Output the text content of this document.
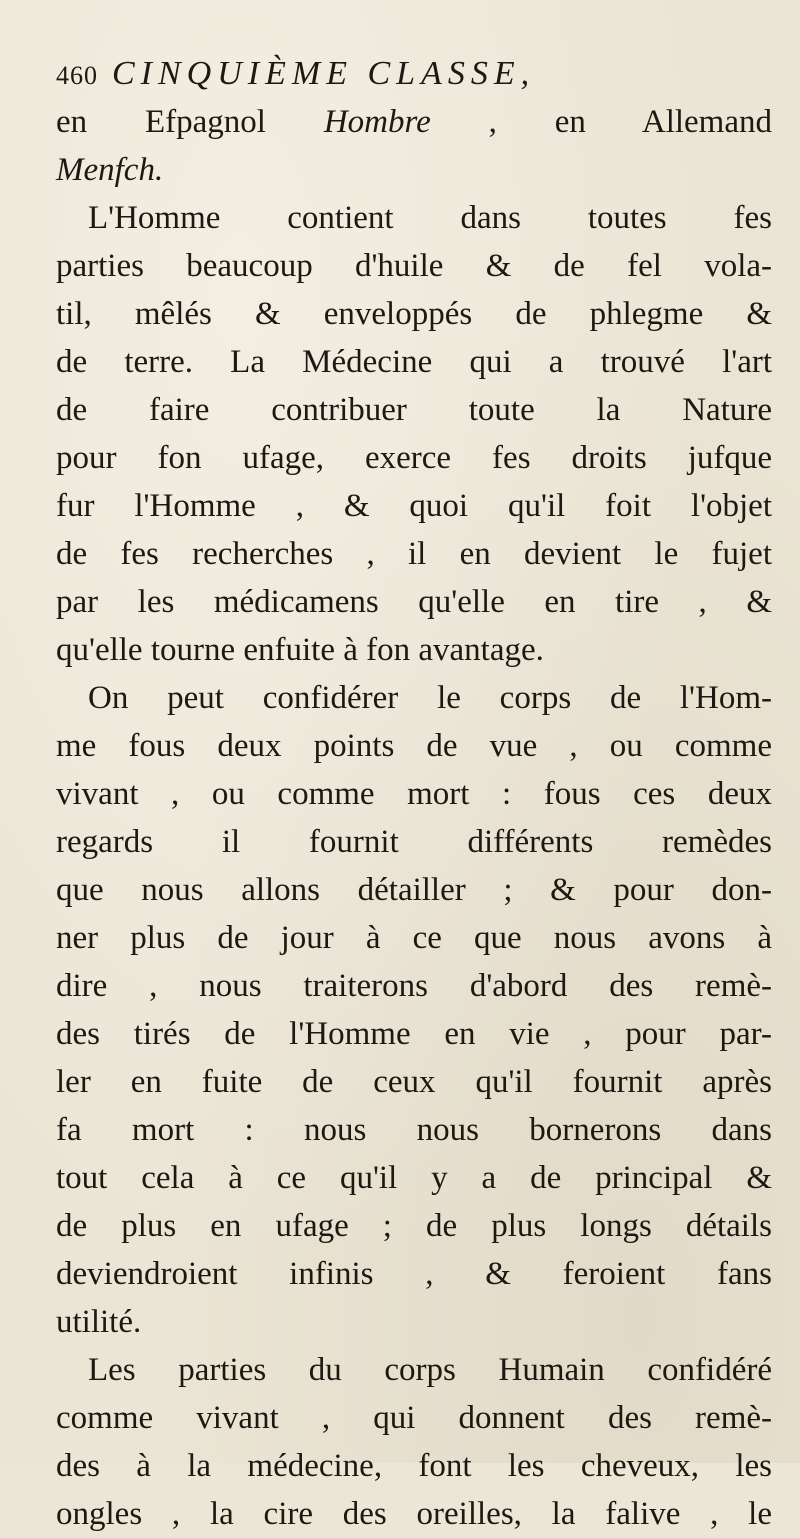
460 CINQUIÈME CLASSE,
en Efpagnol Hombre , en Allemand
Menfch.
L'Homme contient dans toutes fes
parties beaucoup d'huile & de fel vola-
til, mêlés & enveloppés de phlegme &
de terre. La Médecine qui a trouvé l'art
de faire contribuer toute la Nature
pour fon ufage, exerce fes droits jufque
fur l'Homme , & quoi qu'il foit l'objet
de fes recherches , il en devient le fujet
par les médicamens qu'elle en tire , &
qu'elle tourne enfuite à fon avantage.
On peut confidérer le corps de l'Hom-
me fous deux points de vue , ou comme
vivant , ou comme mort : fous ces deux
regards il fournit différents remèdes
que nous allons détailler ; & pour don-
ner plus de jour à ce que nous avons à
dire , nous traiterons d'abord des remè-
des tirés de l'Homme en vie , pour par-
ler en fuite de ceux qu'il fournit après
fa mort : nous nous bornerons dans
tout cela à ce qu'il y a de principal &
de plus en ufage ; de plus longs détails
deviendroient infinis , & feroient fans
utilité.
Les parties du corps Humain confidéré
comme vivant , qui donnent des remè-
des à la médecine, font les cheveux, les
ongles , la cire des oreilles, la falive , le
